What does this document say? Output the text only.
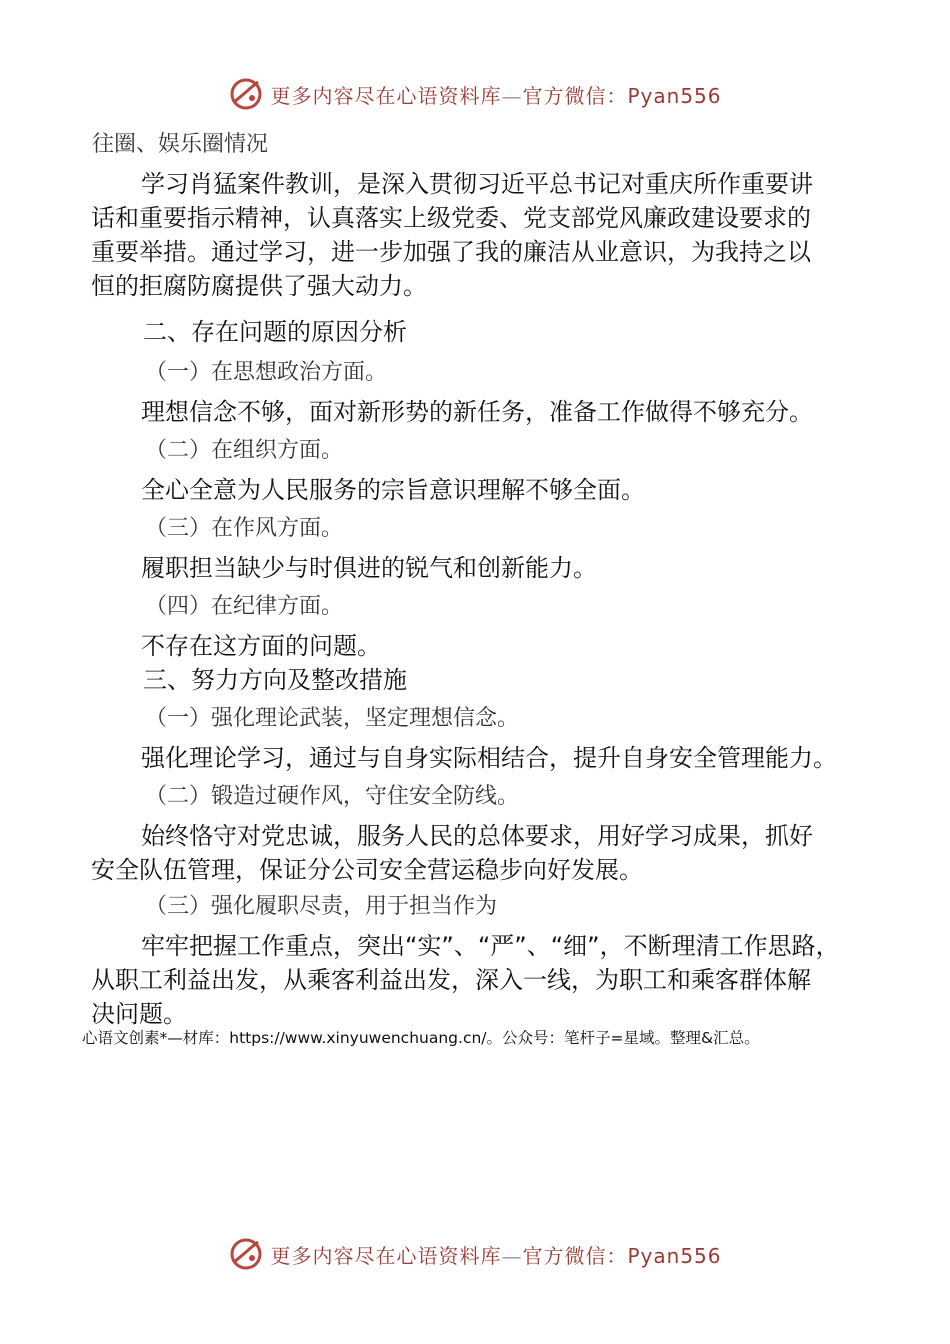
更多内容尽在心语资料库—官方微信：Pyan556
往圈、娱乐圈情况
学习肖猛案件教训，是深入贯彻习近平总书记对重庆所作重要讲
话和重要指示精神，认真落实上级党委、党支部党风廉政建设要求的
重要举措。通过学习，进一步加强了我的廉洁从业意识，为我持之以
恒的拒腐防腐提供了强大动力。
二、存在问题的原因分析
（一）在思想政治方面。
理想信念不够，面对新形势的新任务，准备工作做得不够充分。
（二）在组织方面。
全心全意为人民服务的宗旨意识理解不够全面。
（三）在作风方面。
履职担当缺少与时俱进的锐气和创新能力。
（四）在纪律方面。
不存在这方面的问题。
三、努力方向及整改措施
（一）强化理论武装，坚定理想信念。
强化理论学习，通过与自身实际相结合，提升自身安全管理能力。
（二）锻造过硬作风，守住安全防线。
始终恪守对党忠诚，服务人民的总体要求，用好学习成果，抓好
安全队伍管理，保证分公司安全营运稳步向好发展。
（三）强化履职尽责，用于担当作为
牢牢把握工作重点，突出“实”、“严”、“细”，不断理清工作思路，
从职工利益出发，从乘客利益出发，深入一线，为职工和乘客群体解
决问题。
心语文创素*—材库：https://www.xinyuwenchuang.cn/。公众号：笔杆子=星域。整理&汇总。
更多内容尽在心语资料库—官方微信：Pyan556
